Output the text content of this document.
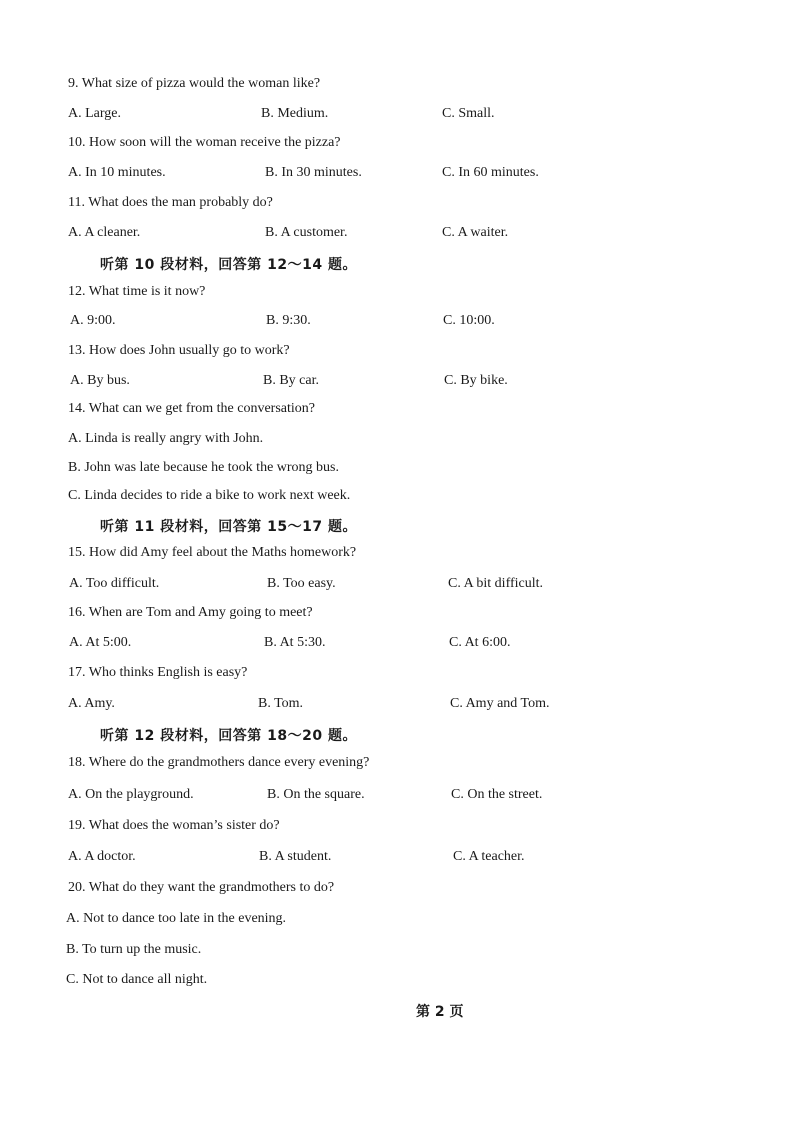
9. What size of pizza would the woman like?
A. Large.	B. Medium.	C. Small.
10. How soon will the woman receive the pizza?
A. In 10 minutes.	B. In 30 minutes.	C. In 60 minutes.
11. What does the man probably do?
A. A cleaner.	B. A customer.	C. A waiter.
听第 10 段材料，回答第 12～14 题。
12. What time is it now?
A. 9:00.	B. 9:30.	C. 10:00.
13. How does John usually go to work?
A. By bus.	B. By car.	C. By bike.
14. What can we get from the conversation?
A. Linda is really angry with John.
B. John was late because he took the wrong bus.
C. Linda decides to ride a bike to work next week.
听第 11 段材料，回答第 15～17 题。
15. How did Amy feel about the Maths homework?
A. Too difficult.	B. Too easy.	C. A bit difficult.
16. When are Tom and Amy going to meet?
A. At 5:00.	B. At 5:30.	C. At 6:00.
17. Who thinks English is easy?
A. Amy.	B. Tom.	C. Amy and Tom.
听第 12 段材料，回答第 18～20 题。
18. Where do the grandmothers dance every evening?
A. On the playground.	B. On the square.	C. On the street.
19. What does the woman’s sister do?
A. A doctor.	B. A student.	C. A teacher.
20. What do they want the grandmothers to do?
A. Not to dance too late in the evening.
B. To turn up the music.
C. Not to dance all night.
第 2 页
